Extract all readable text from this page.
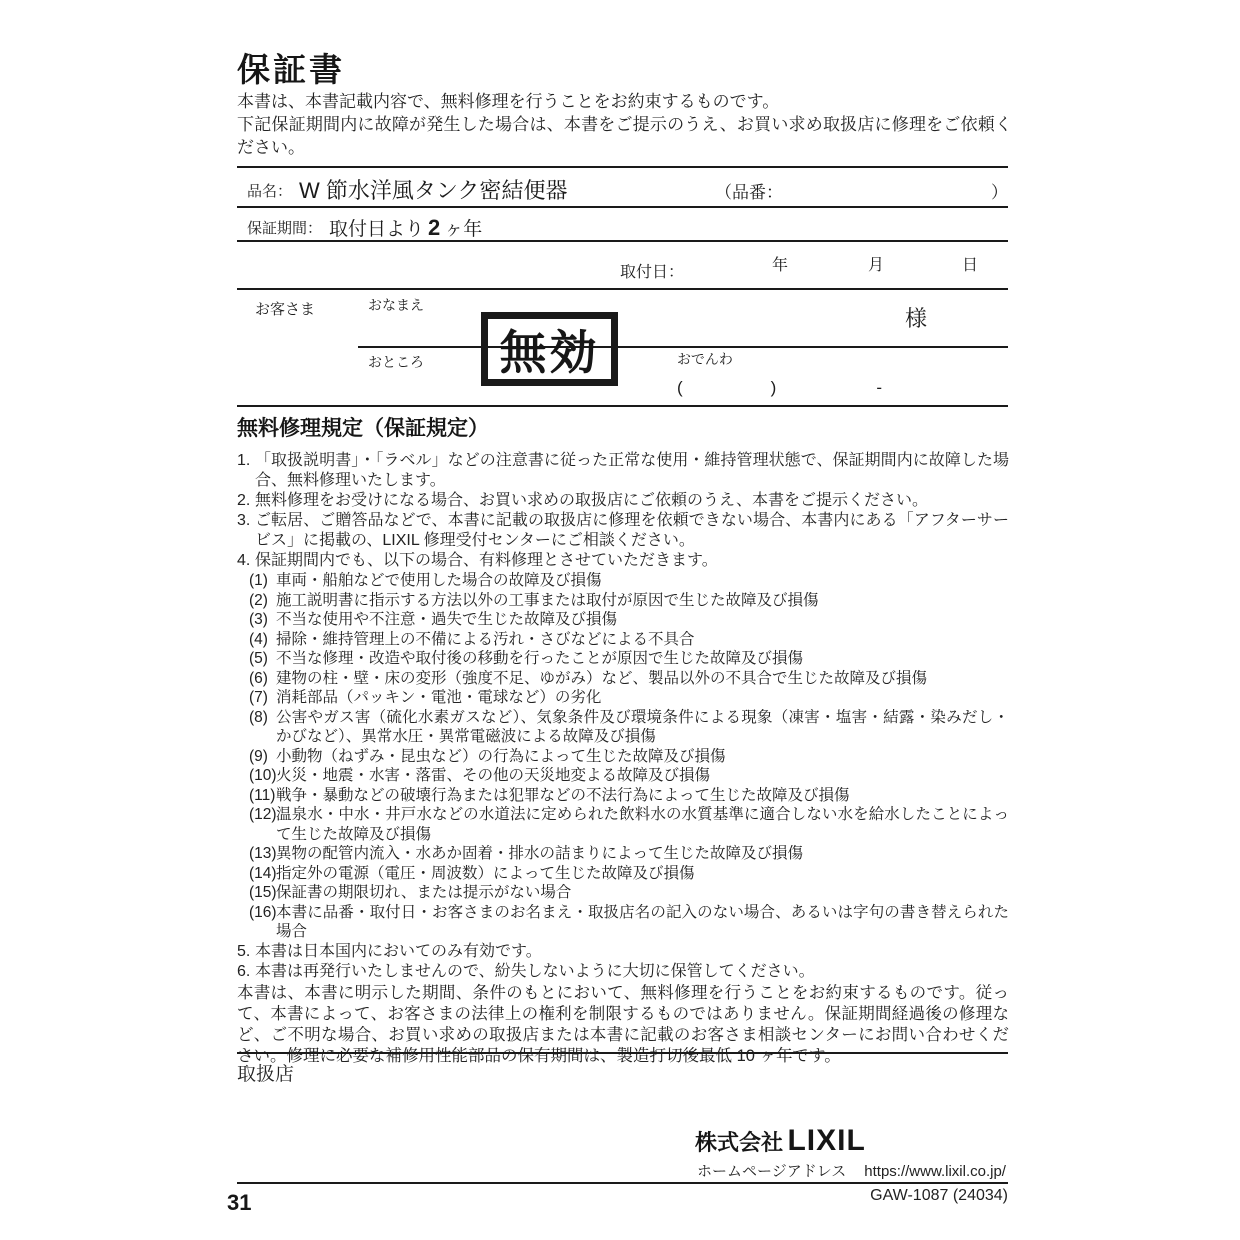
保証書

本書は、本書記載内容で、無料修理を行うことをお約束するものです。

下記保証期間内に故障が発生した場合は、本書をご提示のうえ、お買い求め取扱店に修理をご依頼ください。

品名： W 節水洋風タンク密結便器	（品番：	）
保証期間： 取付日より 2 ヶ年
取付日：	年	月	日
お客さま	おなまえ
様
おところ	おでんわ
(	)	-
無効
無料修理規定（保証規定）
1. 「取扱説明書」・「ラベル」などの注意書に従った正常な使用・維持管理状態で、保証期間内に故障した場合、無料修理いたします。
2. 無料修理をお受けになる場合、お買い求めの取扱店にご依頼のうえ、本書をご提示ください。
3. ご転居、ご贈答品などで、本書に記載の取扱店に修理を依頼できない場合、本書内にある「アフターサービス」に掲載の、LIXIL 修理受付センターにご相談ください。
4. 保証期間内でも、以下の場合、有料修理とさせていただきます。
(1) 車両・船舶などで使用した場合の故障及び損傷
(2) 施工説明書に指示する方法以外の工事または取付が原因で生じた故障及び損傷
(3) 不当な使用や不注意・過失で生じた故障及び損傷
(4) 掃除・維持管理上の不備による汚れ・さびなどによる不具合
(5) 不当な修理・改造や取付後の移動を行ったことが原因で生じた故障及び損傷
(6) 建物の柱・壁・床の変形（強度不足、ゆがみ）など、製品以外の不具合で生じた故障及び損傷
(7) 消耗部品（パッキン・電池・電球など）の劣化
(8) 公害やガス害（硫化水素ガスなど）、気象条件及び環境条件による現象（凍害・塩害・結露・染みだし・かびなど）、異常水圧・異常電磁波による故障及び損傷
(9) 小動物（ねずみ・昆虫など）の行為によって生じた故障及び損傷
(10) 火災・地震・水害・落雷、その他の天災地変よる故障及び損傷
(11) 戦争・暴動などの破壊行為または犯罪などの不法行為によって生じた故障及び損傷
(12) 温泉水・中水・井戸水などの水道法に定められた飲料水の水質基準に適合しない水を給水したことによって生じた故障及び損傷
(13) 異物の配管内流入・水あか固着・排水の詰まりによって生じた故障及び損傷
(14) 指定外の電源（電圧・周波数）によって生じた故障及び損傷
(15) 保証書の期限切れ、または提示がない場合
(16) 本書に品番・取付日・お客さまのお名まえ・取扱店名の記入のない場合、あるいは字句の書き替えられた場合
5. 本書は日本国内においてのみ有効です。
6. 本書は再発行いたしませんので、紛失しないように大切に保管してください。

本書は、本書に明示した期間、条件のもとにおいて、無料修理を行うことをお約束するものです。従って、本書によって、お客さまの法律上の権利を制限するものではありません。保証期間経過後の修理など、ご不明な場合、お買い求めの取扱店または本書に記載のお客さま相談センターにお問い合わせください。修理に必要な補修用性能部品の保有期間は、製造打切後最低 10 ヶ年です。

取扱店
株式会社 LIXIL
ホームページアドレス https://www.lixil.co.jp/
GAW-1087 (24034)
31
